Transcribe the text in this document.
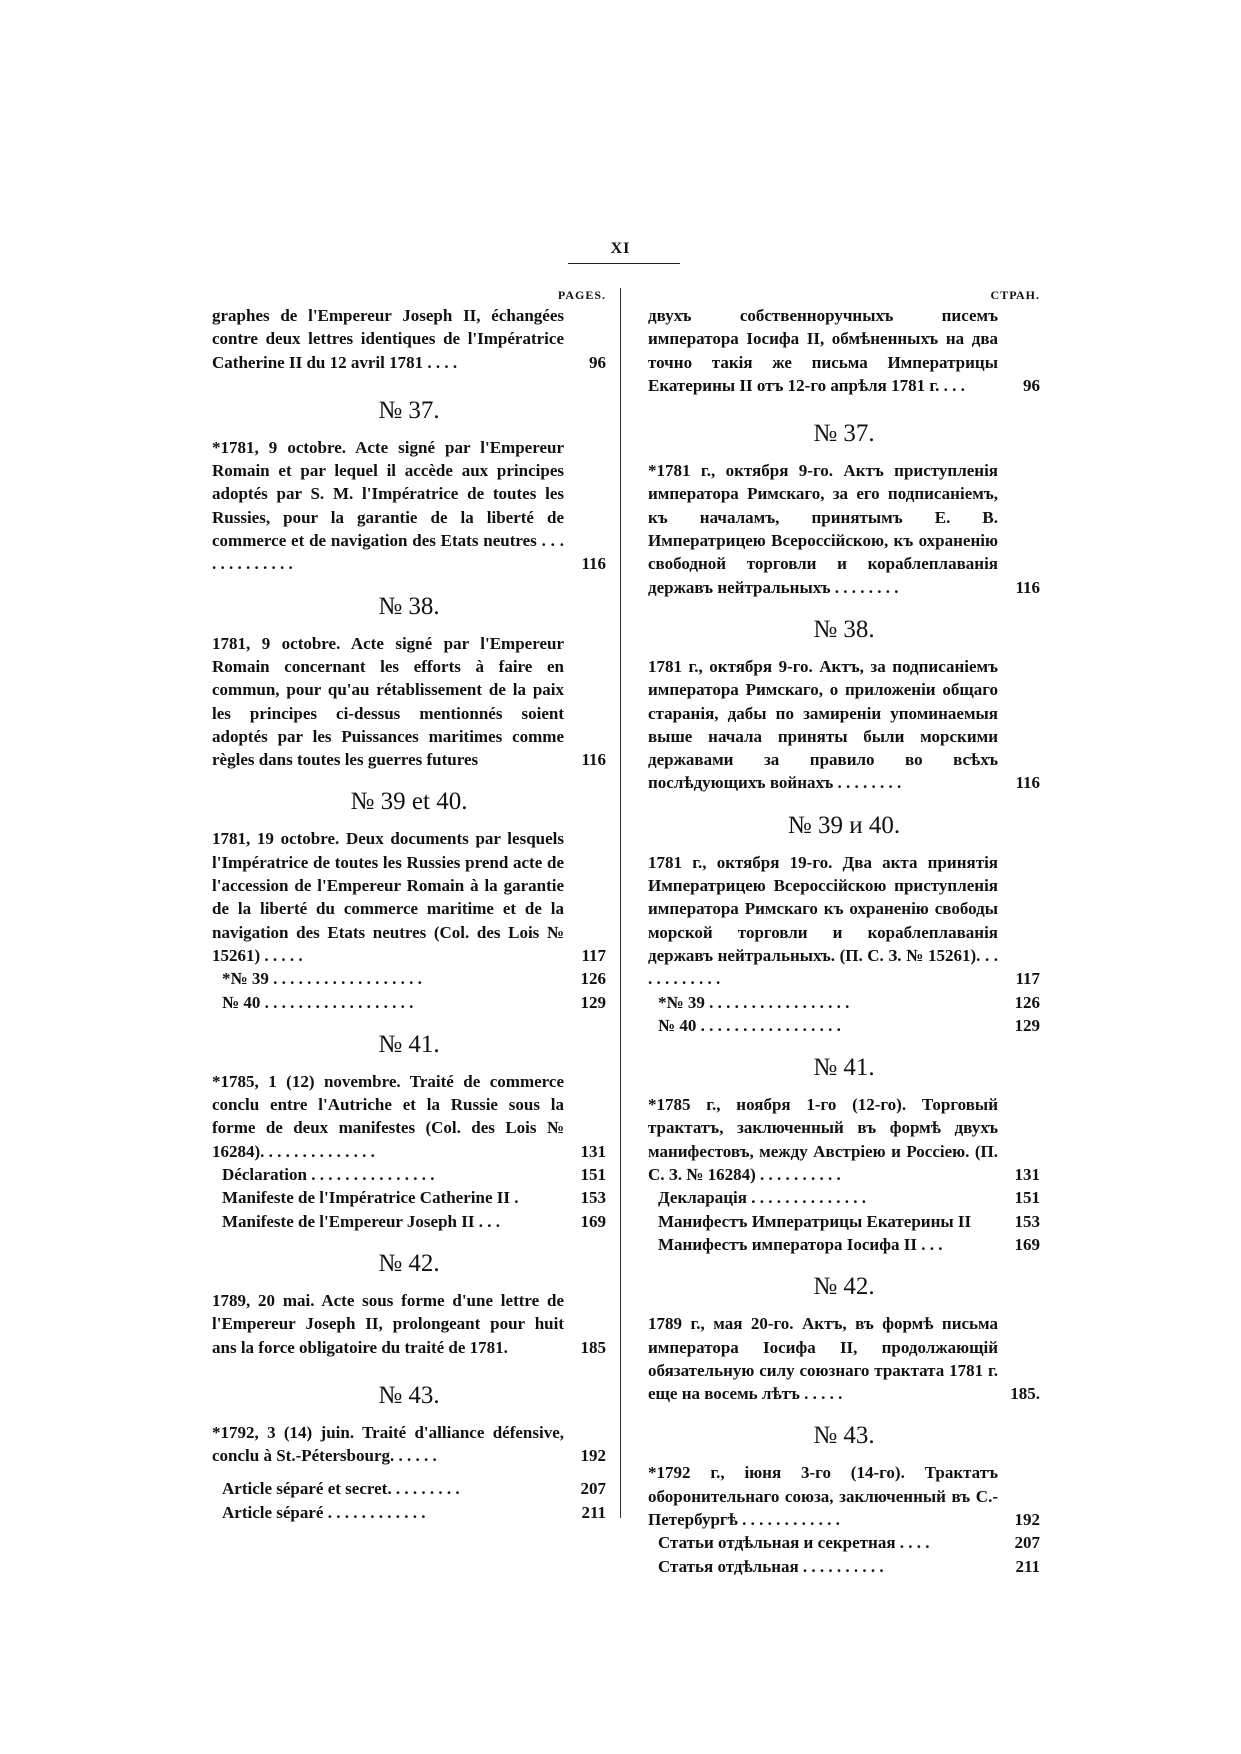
XI
PAGES.
graphes de l'Empereur Joseph II, échangées contre deux lettres identiques de l'Impératrice Catherine II du 12 avril 1781 . . . .	96
№ 37.
*1781, 9 octobre. Acte signé par l'Empereur Romain et par lequel il accède aux principes adoptés par S. M. l'Impératrice de toutes les Russies, pour la garantie de la liberté de commerce et de navigation des Etats neutres . . . . . . . . . . . . .	116
№ 38.
1781, 9 octobre. Acte signé par l'Empereur Romain concernant les efforts à faire en commun, pour qu'au rétablissement de la paix les principes ci-dessus mentionnés soient adoptés par les Puissances maritimes comme règles dans toutes les guerres futures	116
№ 39 et 40.
1781, 19 octobre. Deux documents par lesquels l'Impératrice de toutes les Russies prend acte de l'accession de l'Empereur Romain à la garantie de la liberté du commerce maritime et de la navigation des Etats neutres (Col. des Lois № 15261) . . . . .	117
*№ 39 . . . . . . . . . . . . . . . . . .	126
№ 40 . . . . . . . . . . . . . . . . . .	129
№ 41.
*1785, 1 (12) novembre. Traité de commerce conclu entre l'Autriche et la Russie sous la forme de deux manifestes (Col. des Lois № 16284). . . . . . . . . . . . . .	131
Déclaration . . . . . . . . . . . . . . .	151
Manifeste de l'Impératrice Catherine II .	153
Manifeste de l'Empereur Joseph II . . .	169
№ 42.
1789, 20 mai. Acte sous forme d'une lettre de l'Empereur Joseph II, prolongeant pour huit ans la force obligatoire du traité de 1781.	185
№ 43.
*1792, 3 (14) juin. Traité d'alliance défensive, conclu à St.-Pétersbourg. . . . . .	192
Article séparé et secret. . . . . . . . .	207
Article séparé . . . . . . . . . . . .	211
СТРАН.
двухъ собственноручныхъ писемъ императора Іосифа II, обмѣненныхъ на два точно такія же письма Императрицы Екатерины II отъ 12-го апрѣля 1781 г. . . .	96
№ 37.
*1781 г., октября 9-го. Актъ приступленія императора Римскаго, за его подписаніемъ, къ началамъ, принятымъ Е. В. Императрицею Всероссійскою, къ охраненію свободной торговли и кораблеплаванія державъ нейтральныхъ . . . . . . . .	116
№ 38.
1781 г., октября 9-го. Актъ, за подписаніемъ императора Римскаго, о приложеніи общаго старанія, дабы по замиреніи упоминаемыя выше начала приняты были морскими державами за правило во всѣхъ послѣдующихъ войнахъ . . . . . . . .	116
№ 39 и 40.
1781 г., октября 19-го. Два акта принятія Императрицею Всероссійскою приступленія императора Римскаго къ охраненію свободы морской торговли и кораблеплаванія державъ нейтральныхъ. (П. С. З. № 15261). . . . . . . . . . . .	117
*№ 39 . . . . . . . . . . . . . . . . .	126
№ 40 . . . . . . . . . . . . . . . . .	129
№ 41.
*1785 г., ноября 1-го (12-го). Торговый трактатъ, заключенный въ формѣ двухъ манифестовъ, между Австріею и Россіею. (П. С. З. № 16284) . . . . . . . . . .	131
Декларація . . . . . . . . . . . . . .	151
Манифестъ Императрицы Екатерины II	153
Манифестъ императора Іосифа II . . .	169
№ 42.
1789 г., мая 20-го. Актъ, въ формѣ письма императора Іосифа II, продолжающій обязательную силу союзнаго трактата 1781 г. еще на восемь лѣтъ . . . . .	185.
№ 43.
*1792 г., іюня 3-го (14-го). Трактатъ оборонительнаго союза, заключенный въ С.-Петербургѣ . . . . . . . . . . . .	192
Статьи отдѣльная и секретная . . . .	207
Статья отдѣльная . . . . . . . . . .	211
